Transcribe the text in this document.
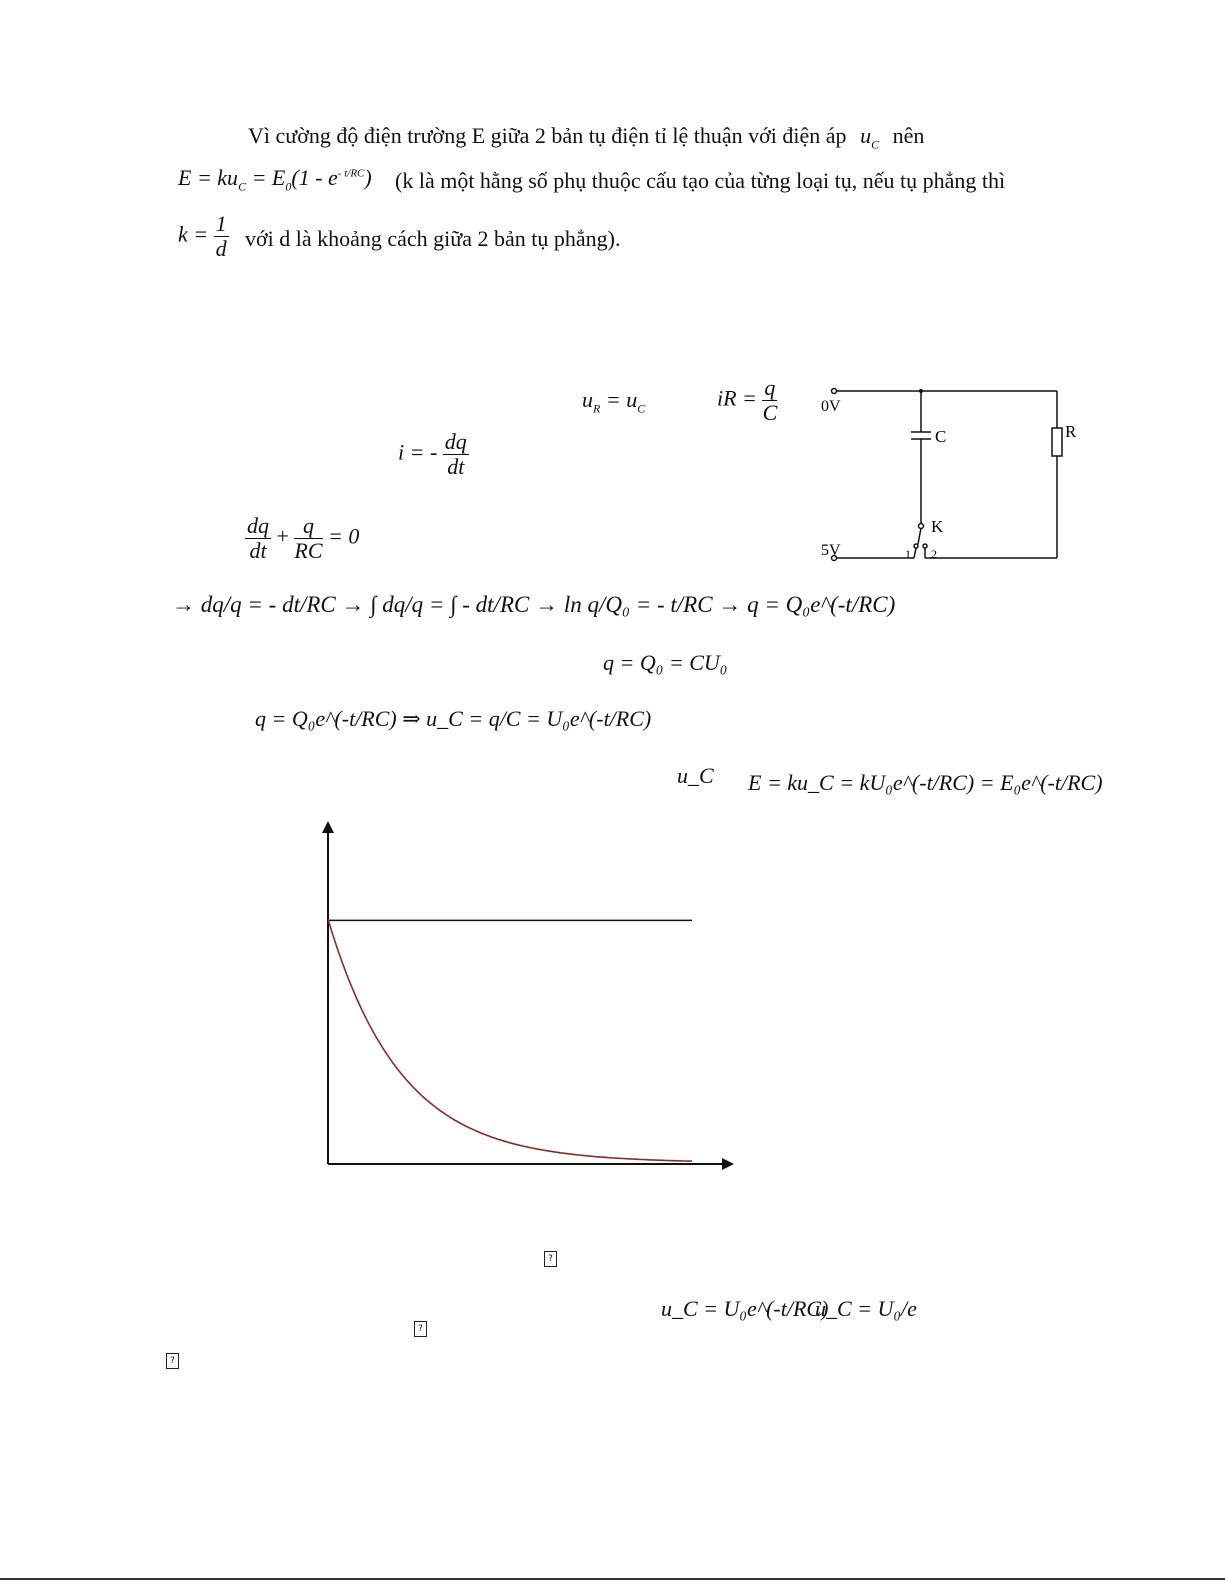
Vì cường độ điện trường E giữa 2 bản tụ điện tỉ lệ thuận với điện áp $u_C$ nên
$E = ku_C = E_0(1 - e^{- t/RC})$ (k là một hằng số phụ thuộc cấu tạo của từng loại tụ, nếu tụ phẳng thì
$k = \frac{1}{d}$ với d là khoảng cách giữa 2 bản tụ phẳng).
$u_R = u_C$	iR = $\frac{q}{C}$
i = - $\frac{dq}{dt}$
$\frac{dq}{dt} + \frac{q}{RC} = 0$
→ dq/q = - dt/RC → ∫ dq/q = ∫ - dt/RC → ln q/Q₀ = - t/RC → q = Q₀e^(-t/RC)
q = Q₀ = CU₀
q = Q₀e^(-t/RC) ⇒ u_C = q/C = U₀e^(-t/RC)
u_C E = ku_C = kU₀e^(-t/RC) = E₀e^(-t/RC)
0V
C	R
K
5V	1 2
?
u_C = U₀e^(-t/RC)
u_C = U₀/e
?
?
